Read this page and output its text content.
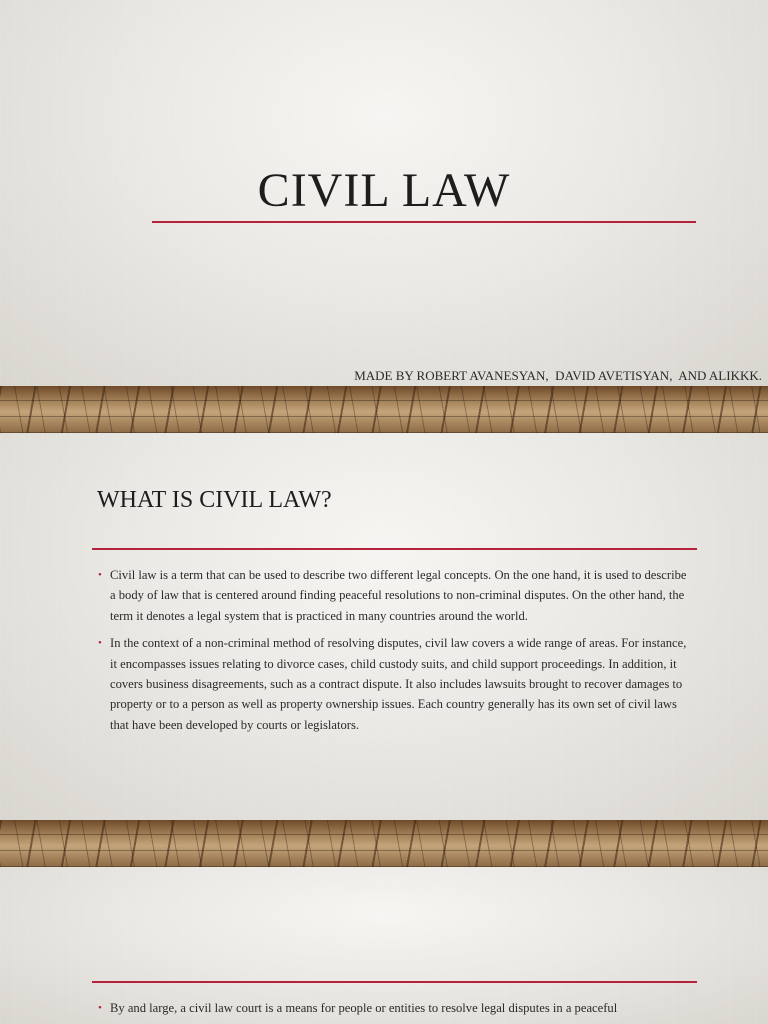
CIVIL LAW
MADE BY ROBERT AVANESYAN,  DAVID AVETISYAN,  AND ALIKKK.
WHAT IS CIVIL LAW?
• Civil law is a term that can be used to describe two different legal concepts. On the one hand, it is used to describe a body of law that is centered around finding peaceful resolutions to non-criminal disputes. On the other hand, the term it denotes a legal system that is practiced in many countries around the world.
• In the context of a non-criminal method of resolving disputes, civil law covers a wide range of areas. For instance, it encompasses issues relating to divorce cases, child custody suits, and child support proceedings. In addition, it covers business disagreements, such as a contract dispute. It also includes lawsuits brought to recover damages to property or to a person as well as property ownership issues. Each country generally has its own set of civil laws that have been developed by courts or legislators.
• By and large, a civil law court is a means for people or entities to resolve legal disputes in a peaceful
